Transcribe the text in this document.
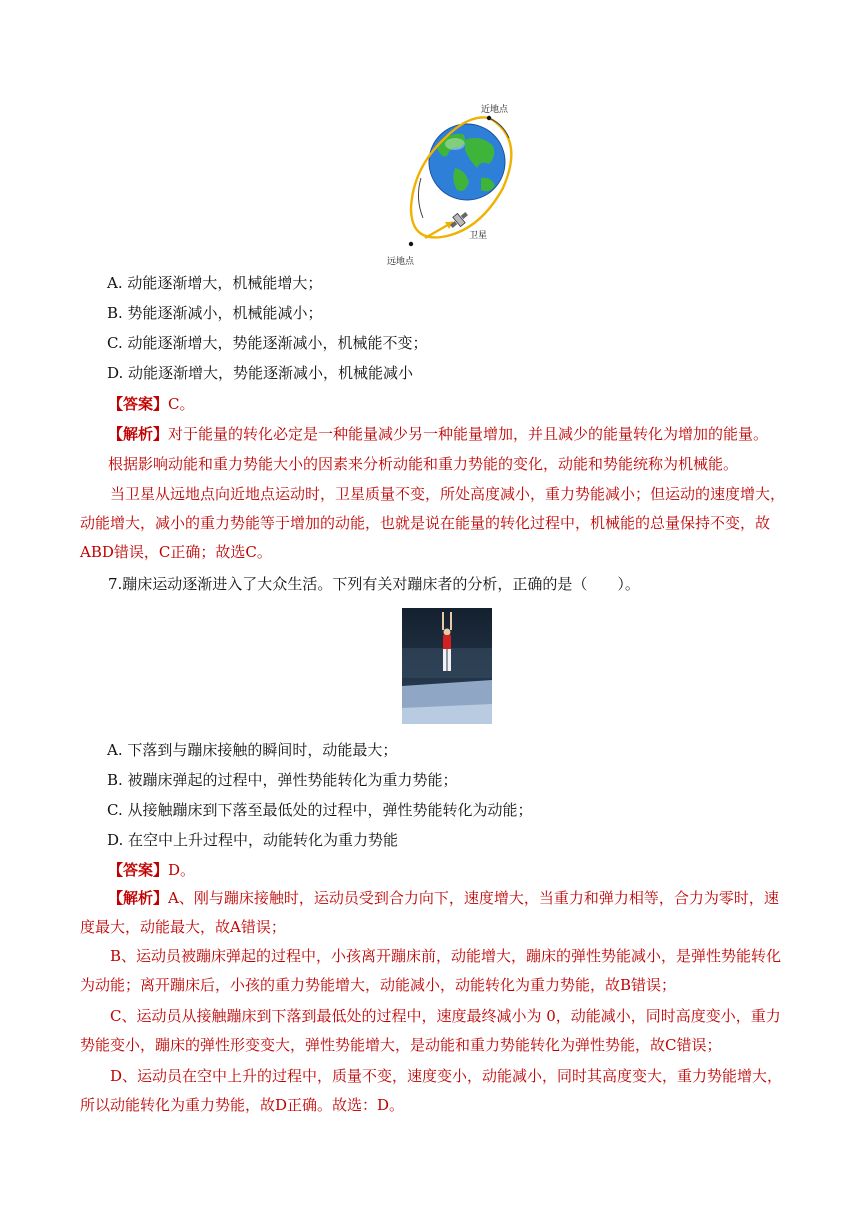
近地点
卫星
远地点
A. 动能逐渐增大，机械能增大；
B. 势能逐渐减小，机械能减小；
C. 动能逐渐增大，势能逐渐减小，机械能不变；
D. 动能逐渐增大，势能逐渐减小，机械能减小
【答案】C。
【解析】对于能量的转化必定是一种能量减少另一种能量增加，并且减少的能量转化为增加的能量。
根据影响动能和重力势能大小的因素来分析动能和重力势能的变化，动能和势能统称为机械能。
当卫星从远地点向近地点运动时，卫星质量不变，所处高度减小，重力势能减小；但运动的速度增大，动能增大，减小的重力势能等于增加的动能，也就是说在能量的转化过程中，机械能的总量保持不变，故ABD错误，C正确；故选C。
7.蹦床运动逐渐进入了大众生活。下列有关对蹦床者的分析，正确的是（　　）。
A. 下落到与蹦床接触的瞬间时，动能最大；
B. 被蹦床弹起的过程中，弹性势能转化为重力势能；
C. 从接触蹦床到下落至最低处的过程中，弹性势能转化为动能；
D. 在空中上升过程中，动能转化为重力势能
【答案】D。
【解析】A、刚与蹦床接触时，运动员受到合力向下，速度增大，当重力和弹力相等，合力为零时，速度最大，动能最大，故A错误；
B、运动员被蹦床弹起的过程中，小孩离开蹦床前，动能增大，蹦床的弹性势能减小，是弹性势能转化为动能；离开蹦床后，小孩的重力势能增大，动能减小，动能转化为重力势能，故B错误；
C、运动员从接触蹦床到下落到最低处的过程中，速度最终减小为 0，动能减小，同时高度变小，重力势能变小，蹦床的弹性形变变大，弹性势能增大，是动能和重力势能转化为弹性势能，故C错误；
D、运动员在空中上升的过程中，质量不变，速度变小，动能减小，同时其高度变大，重力势能增大，所以动能转化为重力势能，故D正确。故选：D。
